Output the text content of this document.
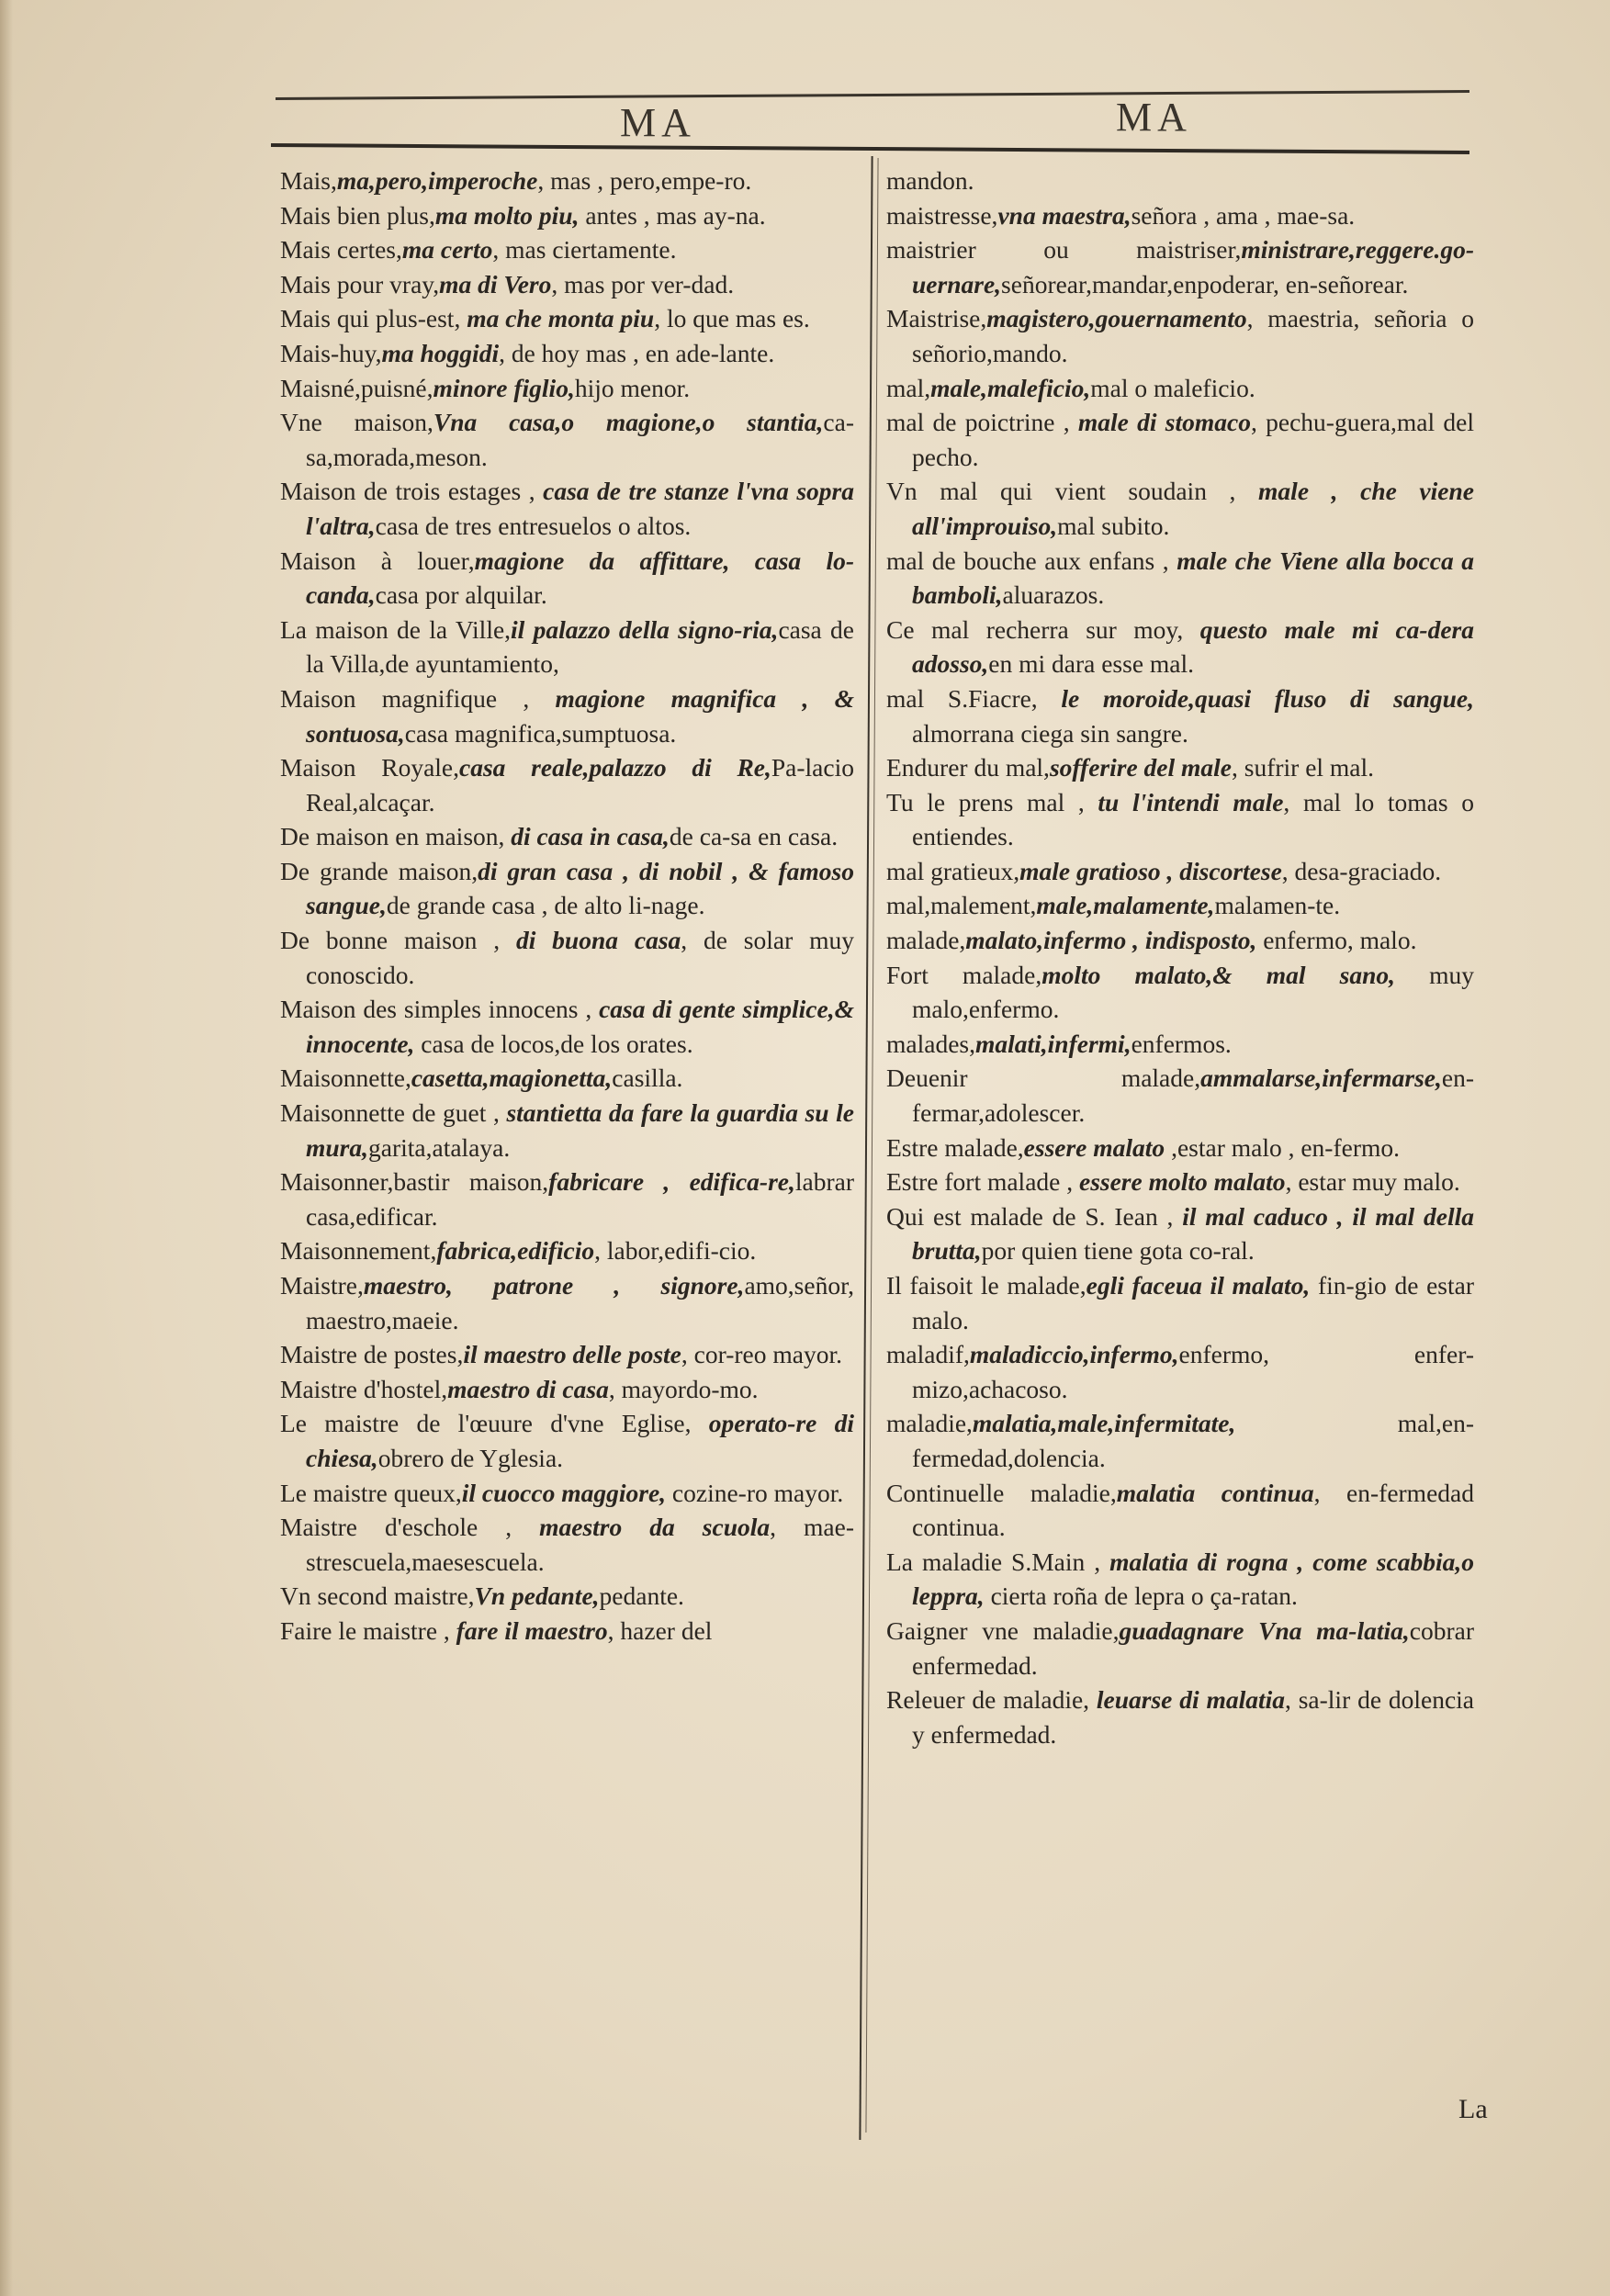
MA	MA

Mais,ma,pero,imperoche, mas , pero,empe-ro.

Mais bien plus,ma molto piu, antes , mas ay-na.

Mais certes,ma certo, mas ciertamente.

Mais pour vray,ma di Vero, mas por ver-dad.

Mais qui plus-est, ma che monta piu, lo que mas es.

Mais-huy,ma hoggidi, de hoy mas , en ade-lante.

Maisné,puisné,minore figlio,hijo menor.

Vne maison,Vna casa,o magione,o stantia,ca-sa,morada,meson.

Maison de trois estages , casa de tre stanze l'vna sopra l'altra,casa de tres entresuelos o altos.

Maison à louer,magione da affittare, casa lo-canda,casa por alquilar.

La maison de la Ville,il palazzo della signo-ria,casa de la Villa,de ayuntamiento,

Maison magnifique , magione magnifica , & sontuosa,casa magnifica,sumptuosa.

Maison Royale,casa reale,palazzo di Re,Pa-lacio Real,alcaçar.

De maison en maison, di casa in casa,de ca-sa en casa.

De grande maison,di gran casa , di nobil , & famoso sangue,de grande casa , de alto li-nage.

De bonne maison , di buona casa, de solar muy conoscido.

Maison des simples innocens , casa di gente simplice,& innocente, casa de locos,de los orates.

Maisonnette,casetta,magionetta,casilla.

Maisonnette de guet , stantietta da fare la guardia su le mura,garita,atalaya.

Maisonner,bastir maison,fabricare , edifica-re,labrar casa,edificar.

Maisonnement,fabrica,edificio, labor,edifi-cio.

Maistre,maestro, patrone , signore,amo,señor, maestro,maeie.

Maistre de postes,il maestro delle poste, cor-reo mayor.

Maistre d'hostel,maestro di casa, mayordo-mo.

Le maistre de l'œuure d'vne Eglise, operato-re di chiesa,obrero de Yglesia.

Le maistre queux,il cuocco maggiore, cozine-ro mayor.

Maistre d'eschole , maestro da scuola, mae-strescuela,maesescuela.

Vn second maistre,Vn pedante,pedante.

Faire le maistre , fare il maestro, hazer del

mandon.

maistresse,vna maestra,señora , ama , mae-sa.

maistrier ou maistriser,ministrare,reggere.go-uernare,señorear,mandar,enpoderar, en-señorear.

Maistrise,magistero,gouernamento, maestria, señoria o señorio,mando.

mal,male,maleficio,mal o maleficio.

mal de poictrine , male di stomaco, pechu-guera,mal del pecho.

Vn mal qui vient soudain , male , che viene all'improuiso,mal subito.

mal de bouche aux enfans , male che Viene alla bocca a bamboli,aluarazos.

Ce mal recherra sur moy, questo male mi ca-dera adosso,en mi dara esse mal.

mal S.Fiacre, le moroide,quasi fluso di sangue, almorrana ciega sin sangre.

Endurer du mal,sofferire del male, sufrir el mal.

Tu le prens mal , tu l'intendi male, mal lo tomas o entiendes.

mal gratieux,male gratioso , discortese, desa-graciado.

mal,malement,male,malamente,malamen-te.

malade,malato,infermo , indisposto, enfermo, malo.

Fort malade,molto malato,& mal sano, muy malo,enfermo.

malades,malati,infermi,enfermos.

Deuenir malade,ammalarse,infermarse,en-fermar,adolescer.

Estre malade,essere malato ,estar malo , en-fermo.

Estre fort malade , essere molto malato, estar muy malo.

Qui est malade de S. Iean , il mal caduco , il mal della brutta,por quien tiene gota co-ral.

Il faisoit le malade,egli faceua il malato, fin-gio de estar malo.

maladif,maladiccio,infermo,enfermo, enfer-mizo,achacoso.

maladie,malatia,male,infermitate, mal,en-fermedad,dolencia.

Continuelle maladie,malatia continua, en-fermedad continua.

La maladie S.Main , malatia di rogna , come scabbia,o leppra, cierta roña de lepra o ça-ratan.

Gaigner vne maladie,guadagnare Vna ma-latia,cobrar enfermedad.

Releuer de maladie, leuarse di malatia, sa-lir de dolencia y enfermedad.

La
